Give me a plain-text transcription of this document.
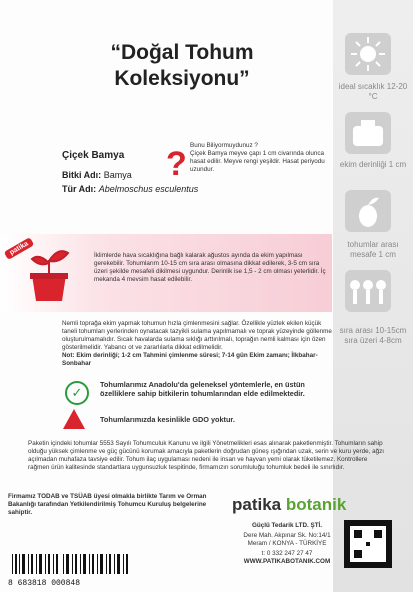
“Doğal Tohum Koleksiyonu”	ideal sıcaklık 12-20 °C
ekim derinliği 1 cm
tohumlar arası mesafe 1 cm
sıra arası 10-15cm sıra üzeri 4-8cm
Çiçek Bamya
Bitki Adı: Bamya
Tür Adı: Abelmoschus esculentus
? Bunu Biliyormuydunuz ?
Çiçek Bamya meyve çapı 1 cm civarında olunca hasat edilir. Meyve rengi yeşildir. Hasat periyodu uzundur.
patika	İklimlerde hava sıcaklığına bağlı kalarak ağustos ayında da ekim yapılması gerekebilir. Tohumlarım 10-15 cm sıra arası olmasına dikkat edilerek, 3-5 cm sıra üzeri şekilde mesafeli dikilmesi uygundur. Derinlik ise 1,5 - 2 cm olması yeterlidir. İç mekanda 4 mevsim hasat edilebilir.
Nemli toprağa ekim yapmak tohumun hızla çimlenmesini sağlar. Özellikle yüzlek ekilen küçük taneli tohumları yerlerinden oynatacak tazyikli sulama yapılmamalı ve toprak yüzeyinde göllenme oluşturulmamalıdır. Sıcak havalarda sulama sıklığı arttırılmalı, toprağın nemli kalması için özen gösterilmelidir. Yabancı ot ve zararlılarla dikkat edilmelidir.
Not: Ekim derinliği; 1-2 cm Tahmini çimlenme süresi; 7-14 gün Ekim zamanı; İlkbahar-Sonbahar
✓
Tohumlarımız Anadolu'da geleneksel yöntemlerle, en üstün özelliklere sahip bitkilerin tohumlarından elde edilmektedir.
Tohumlarımızda kesinlikle GDO yoktur.
Paketin içindeki tohumlar 5553 Sayılı Tohumculuk Kanunu ve ilgili Yönetmelikleri esas alınarak paketlenmiştir. Tohumların sahip olduğu yüksek çimlenme ve güç gücünü korumak amacıyla paketlerin doğrudan güneş ışığından uzak, serin ve kuru yerde, ağzı açılmadan muhafaza tavsiye edilir. Tohum ilaç uygulaması nedeni ile insan ve hayvan yemi olarak tüketilemez. Kontrollere rağmen ürün kalitesinde standartlara uygunsuzluk tespitinde, firmamızın sorumluluğu tohumluk bedeli ile sınırlıdır.
Firmamız TODAB ve TSÜAB üyesi olmakla birlikte Tarım ve Orman Bakanlığı tarafından Yetkilendirilmiş Tohumcu Kuruluş belgelerine sahiptir.	patika botanik
Güçlü Tedarik LTD. ŞTİ.
Dere Mah. Akpınar Sk. No:14/1
Meram / KONYA - TÜRKİYE
t: 0 332 247 27 47
WWW.PATIKABOTANIK.COM
8 683818 000848
